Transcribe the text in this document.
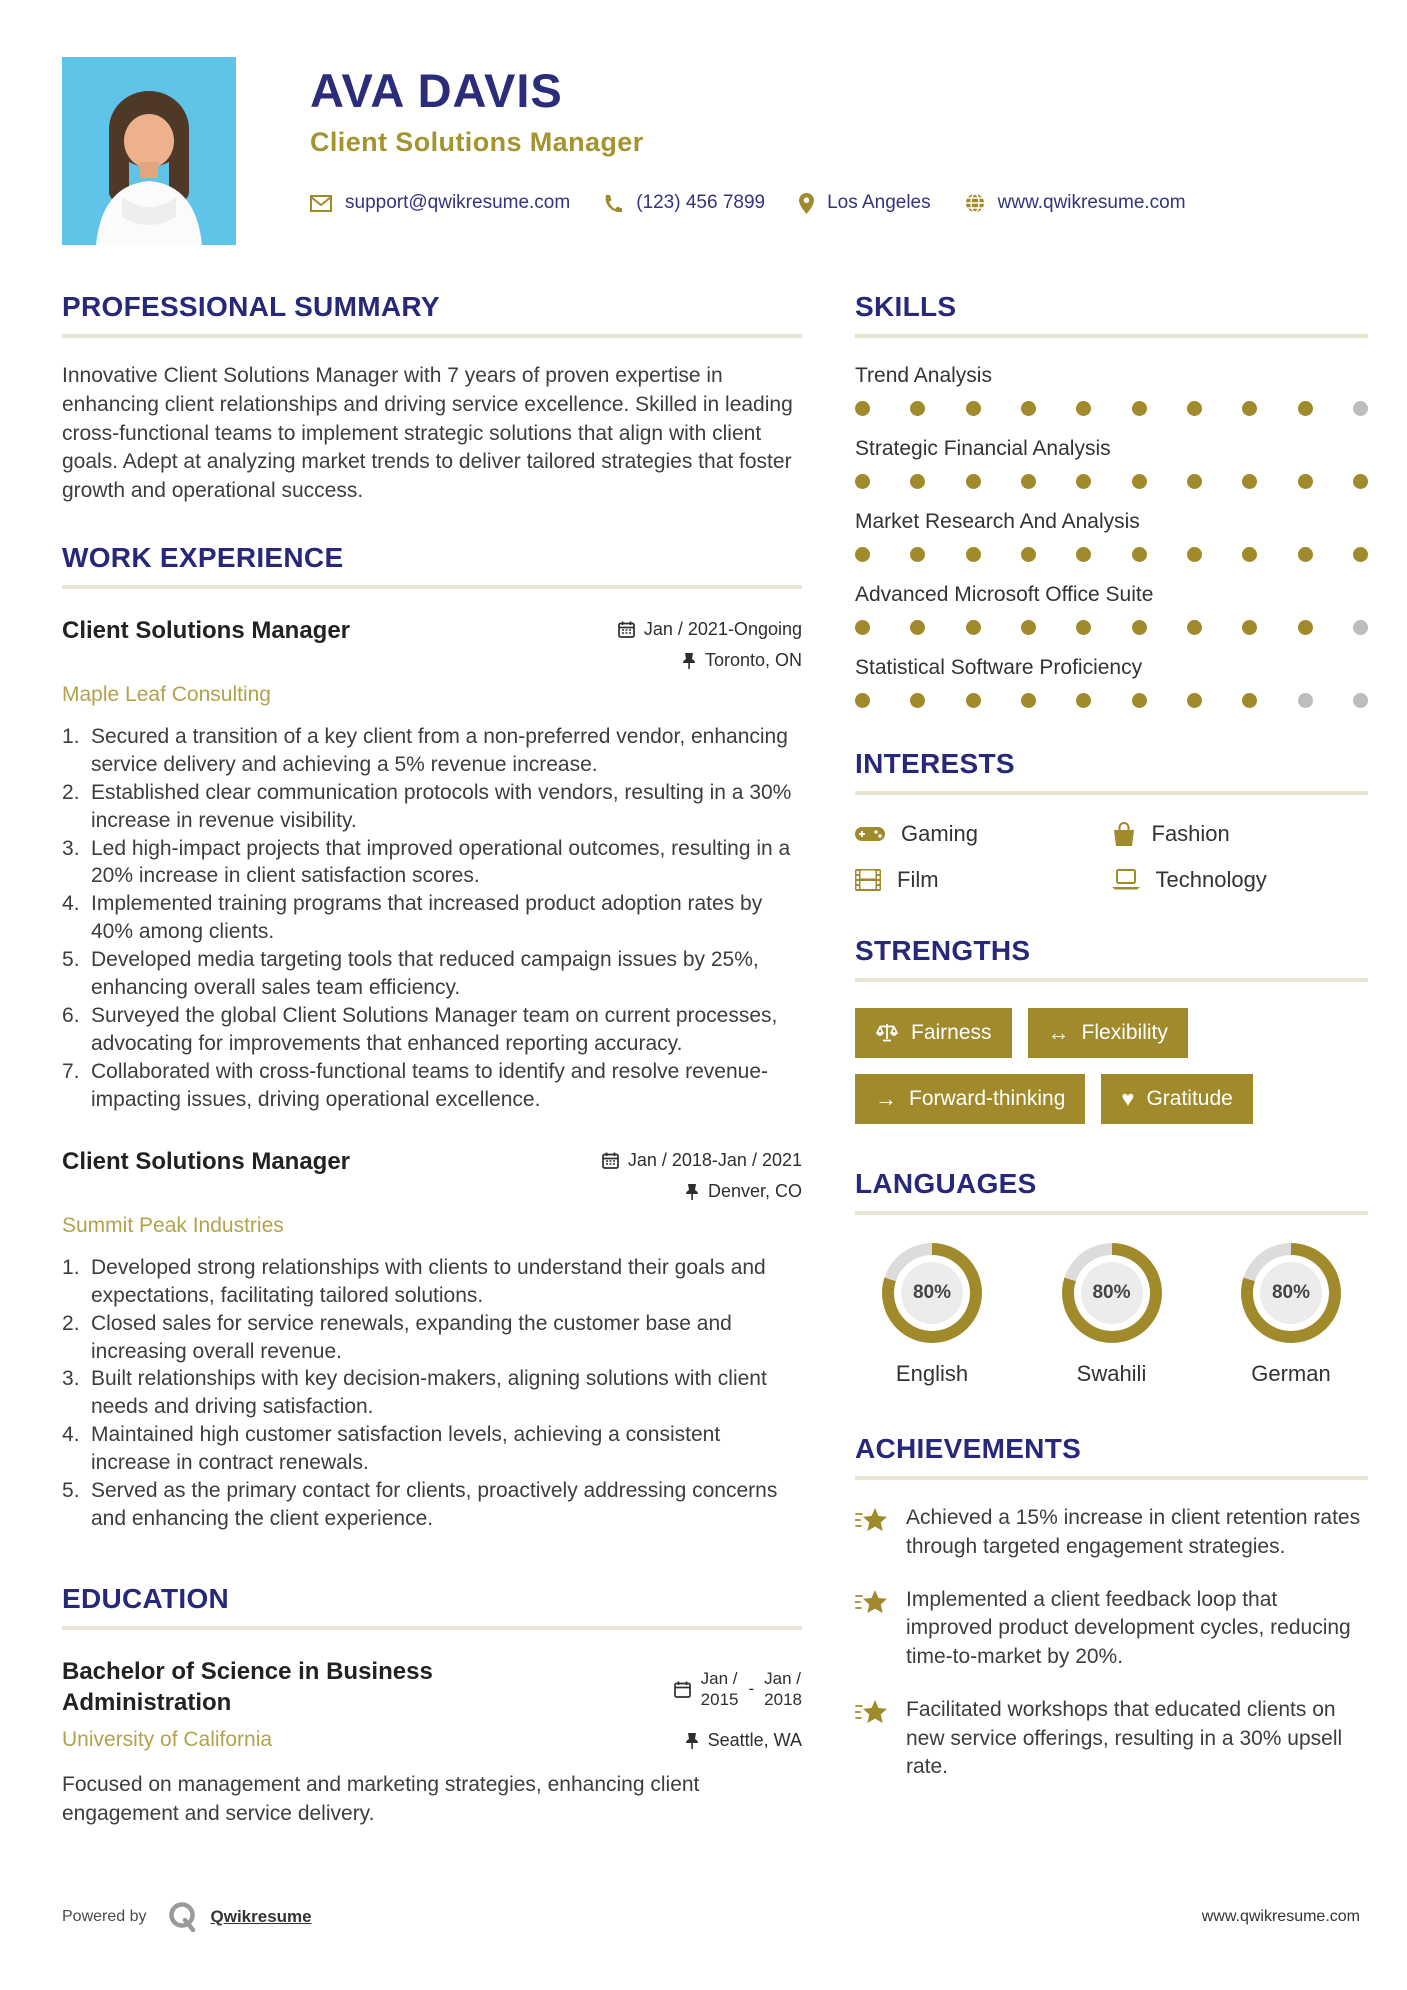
AVA DAVIS
Client Solutions Manager
support@qwikresume.com	(123) 456 7899	Los Angeles	www.qwikresume.com
PROFESSIONAL SUMMARY
Innovative Client Solutions Manager with 7 years of proven expertise in enhancing client relationships and driving service excellence. Skilled in leading cross-functional teams to implement strategic solutions that align with client goals. Adept at analyzing market trends to deliver tailored strategies that foster growth and operational success.
WORK EXPERIENCE
Client Solutions Manager	Jan / 2021-Ongoing
Toronto, ON
Maple Leaf Consulting
Secured a transition of a key client from a non-preferred vendor, enhancing service delivery and achieving a 5% revenue increase.
Established clear communication protocols with vendors, resulting in a 30% increase in revenue visibility.
Led high-impact projects that improved operational outcomes, resulting in a 20% increase in client satisfaction scores.
Implemented training programs that increased product adoption rates by 40% among clients.
Developed media targeting tools that reduced campaign issues by 25%, enhancing overall sales team efficiency.
Surveyed the global Client Solutions Manager team on current processes, advocating for improvements that enhanced reporting accuracy.
Collaborated with cross-functional teams to identify and resolve revenue-impacting issues, driving operational excellence.
Client Solutions Manager	Jan / 2018-Jan / 2021
Denver, CO
Summit Peak Industries
Developed strong relationships with clients to understand their goals and expectations, facilitating tailored solutions.
Closed sales for service renewals, expanding the customer base and increasing overall revenue.
Built relationships with key decision-makers, aligning solutions with client needs and driving satisfaction.
Maintained high customer satisfaction levels, achieving a consistent increase in contract renewals.
Served as the primary contact for clients, proactively addressing concerns and enhancing the client experience.
EDUCATION
Bachelor of Science in Business Administration
Jan /
2015
-
Jan /
2018
University of California	Seattle, WA
Focused on management and marketing strategies, enhancing client engagement and service delivery.
SKILLS
Trend Analysis
Strategic Financial Analysis
Market Research And Analysis
Advanced Microsoft Office Suite
Statistical Software Proficiency
INTERESTS
Gaming	Fashion
Film	Technology
STRENGTHS
Fairness	↔ Flexibility
→ Forward-thinking	♥ Gratitude
LANGUAGES
80%
English
80%
Swahili
80%
German
ACHIEVEMENTS
Achieved a 15% increase in client retention rates through targeted engagement strategies.
Implemented a client feedback loop that improved product development cycles, reducing time-to-market by 20%.
Facilitated workshops that educated clients on new service offerings, resulting in a 30% upsell rate.
Powered by	Qwikresume	www.qwikresume.com
